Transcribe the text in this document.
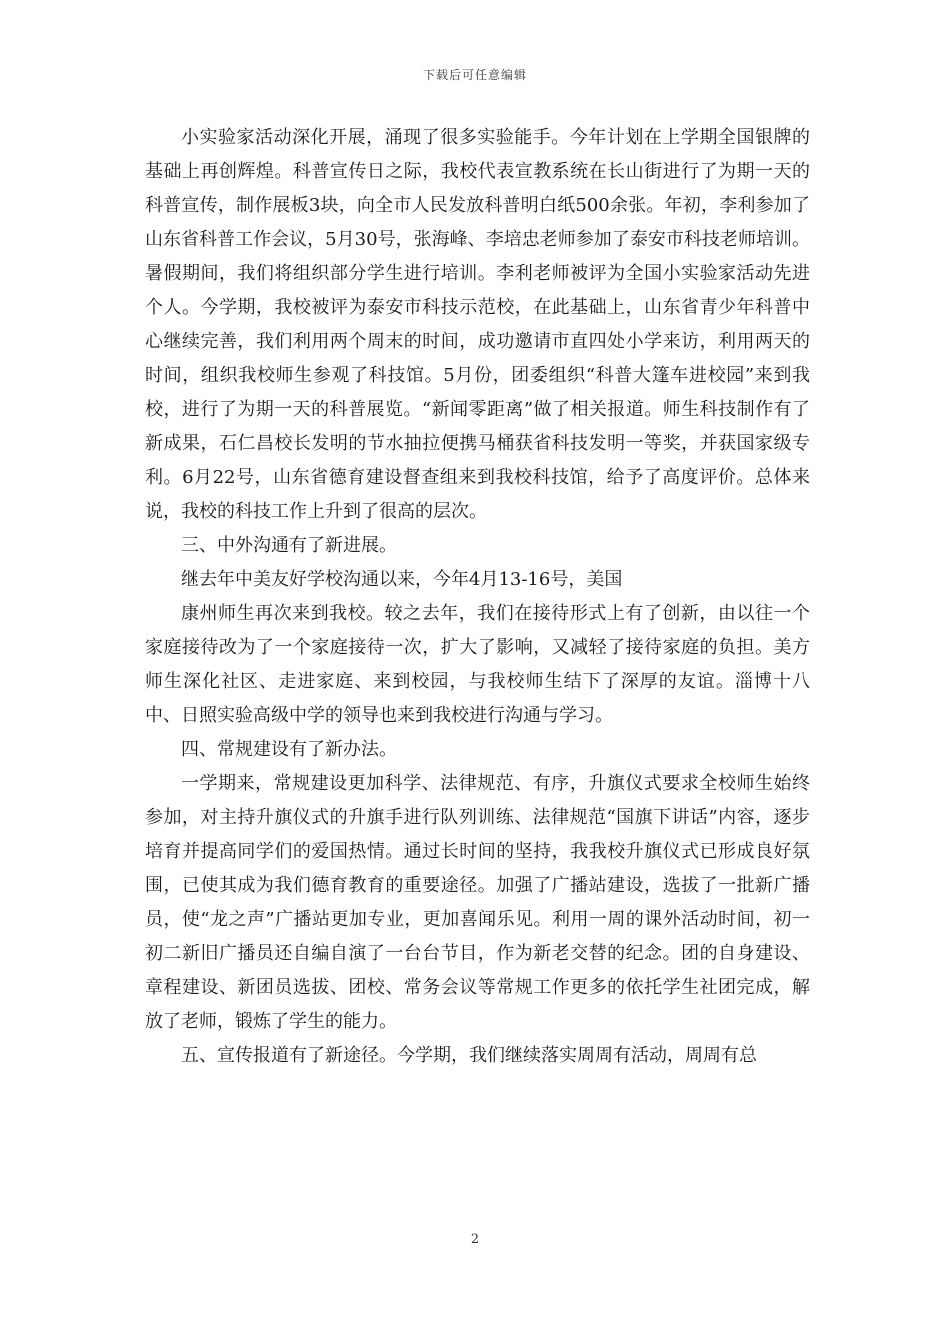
下载后可任意编辑

小实验家活动深化开展，涌现了很多实验能手。今年计划在上学期全国银牌的基础上再创辉煌。科普宣传日之际，我校代表宣教系统在长山街进行了为期一天的科普宣传，制作展板3块，向全市人民发放科普明白纸500余张。年初，李利参加了山东省科普工作会议，5月30号，张海峰、李培忠老师参加了泰安市科技老师培训。暑假期间，我们将组织部分学生进行培训。李利老师被评为全国小实验家活动先进个人。今学期，我校被评为泰安市科技示范校，在此基础上，山东省青少年科普中心继续完善，我们利用两个周末的时间，成功邀请市直四处小学来访，利用两天的时间，组织我校师生参观了科技馆。5月份，团委组织“科普大篷车进校园”来到我校，进行了为期一天的科普展览。“新闻零距离”做了相关报道。师生科技制作有了新成果，石仁昌校长发明的节水抽拉便携马桶获省科技发明一等奖，并获国家级专利。6月22号，山东省德育建设督查组来到我校科技馆，给予了高度评价。总体来说，我校的科技工作上升到了很高的层次。

三、中外沟通有了新进展。

继去年中美友好学校沟通以来，今年4月13-16号，美国

康州师生再次来到我校。较之去年，我们在接待形式上有了创新，由以往一个家庭接待改为了一个家庭接待一次，扩大了影响，又减轻了接待家庭的负担。美方师生深化社区、走进家庭、来到校园，与我校师生结下了深厚的友谊。淄博十八中、日照实验高级中学的领导也来到我校进行沟通与学习。

四、常规建设有了新办法。

一学期来，常规建设更加科学、法律规范、有序，升旗仪式要求全校师生始终参加，对主持升旗仪式的升旗手进行队列训练、法律规范“国旗下讲话”内容，逐步培育并提高同学们的爱国热情。通过长时间的坚持，我我校升旗仪式已形成良好氛围，已使其成为我们德育教育的重要途径。加强了广播站建设，选拔了一批新广播员，使“龙之声”广播站更加专业，更加喜闻乐见。利用一周的课外活动时间，初一初二新旧广播员还自编自演了一台台节目，作为新老交替的纪念。团的自身建设、章程建设、新团员选拔、团校、常务会议等常规工作更多的依托学生社团完成，解放了老师，锻炼了学生的能力。

五、宣传报道有了新途径。今学期，我们继续落实周周有活动，周周有总

2
